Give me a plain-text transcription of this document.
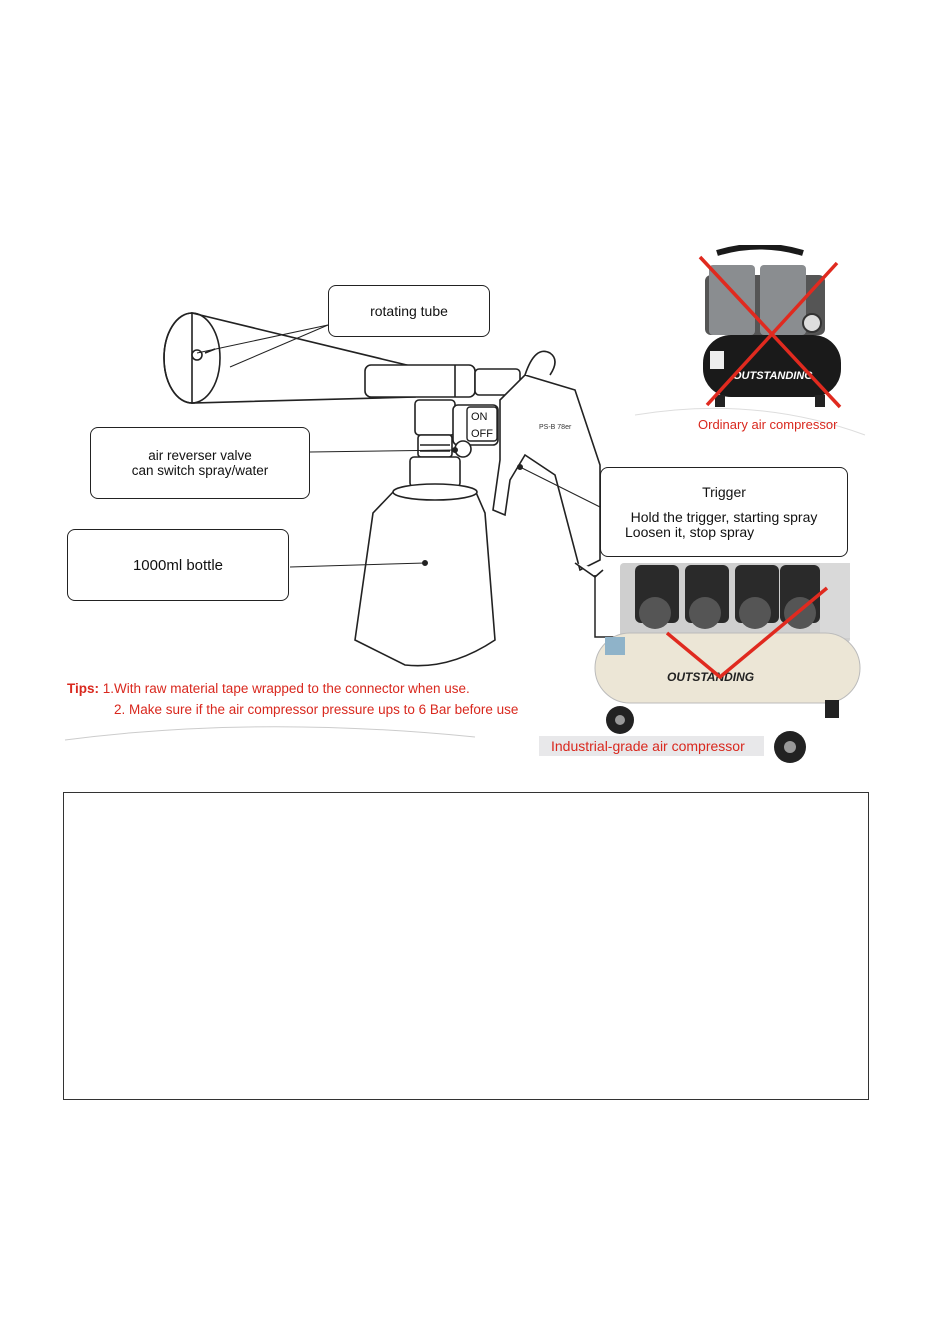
ON
OFF
PS-B 78er
OUTSTANDING
OUTSTANDING
rotating tube
air reverser valve
can switch spray/water
1000ml bottle
Trigger
Hold the trigger, starting spray
Loosen it, stop spray
Ordinary air compressor
Industrial-grade air compressor
Tips: 1.With raw material tape wrapped to the connector when use.
2. Make sure if the air compressor pressure ups to 6 Bar before use
